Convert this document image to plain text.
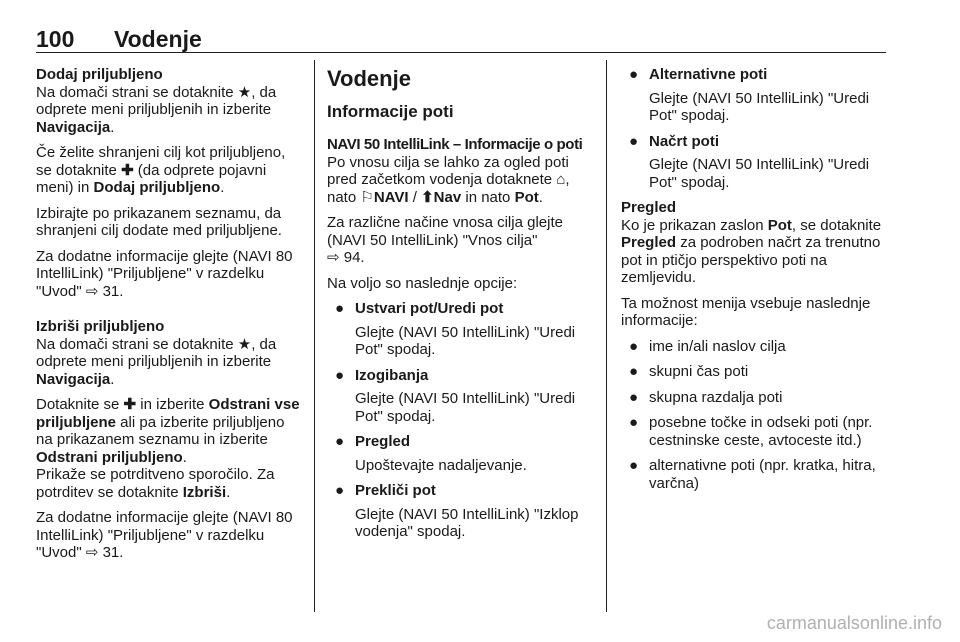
100 Vodenje

Dodaj priljubljeno
Na domači strani se dotaknite ★, da odprete meni priljubljenih in izberite
Navigacija.

Če želite shranjeni cilj kot priljubljeno, se dotaknite ✚ (da odprete pojavni meni) in Dodaj priljubljeno.

Izbirajte po prikazanem seznamu, da shranjeni cilj dodate med priljubljene.

Za dodatne informacije glejte (NAVI 80 IntelliLink) "Priljubljene" v razdelku "Uvod" ⇨ 31.

Izbriši priljubljeno
Na domači strani se dotaknite ★, da odprete meni priljubljenih in izberite
Navigacija.

Dotaknite se ✚ in izberite Odstrani vse priljubljene ali pa izberite priljubljeno na prikazanem seznamu in izberite Odstrani priljubljeno.
Prikaže se potrditveno sporočilo. Za potrditev se dotaknite Izbriši.

Za dodatne informacije glejte (NAVI 80 IntelliLink) "Priljubljene" v razdelku "Uvod" ⇨ 31.

Vodenje
Informacije poti

NAVI 50 IntelliLink – Informacije o poti
Po vnosu cilja se lahko za ogled poti pred začetkom vodenja dotaknete ⌂, nato ⚐NAVI / ⬆Nav in nato Pot.

Za različne načine vnosa cilja glejte (NAVI 50 IntelliLink) "Vnos cilja"
⇨ 94.

Na voljo so naslednje opcije:

● Ustvari pot/Uredi pot
Glejte (NAVI 50 IntelliLink) "Uredi Pot" spodaj.
● Izogibanja
Glejte (NAVI 50 IntelliLink) "Uredi Pot" spodaj.
● Pregled
Upoštevajte nadaljevanje.
● Prekliči pot
Glejte (NAVI 50 IntelliLink) "Izklop vodenja" spodaj.
● Alternativne poti
Glejte (NAVI 50 IntelliLink) "Uredi Pot" spodaj.
● Načrt poti
Glejte (NAVI 50 IntelliLink) "Uredi Pot" spodaj.

Pregled
Ko je prikazan zaslon Pot, se dotaknite Pregled za podroben načrt za trenutno pot in ptičjo perspektivo poti na zemljevidu.

Ta možnost menija vsebuje naslednje informacije:

● ime in/ali naslov cilja
● skupni čas poti
● skupna razdalja poti
● posebne točke in odseki poti (npr. cestninske ceste, avtoceste itd.)
● alternativne poti (npr. kratka, hitra, varčna)
carmanualsonline.info
